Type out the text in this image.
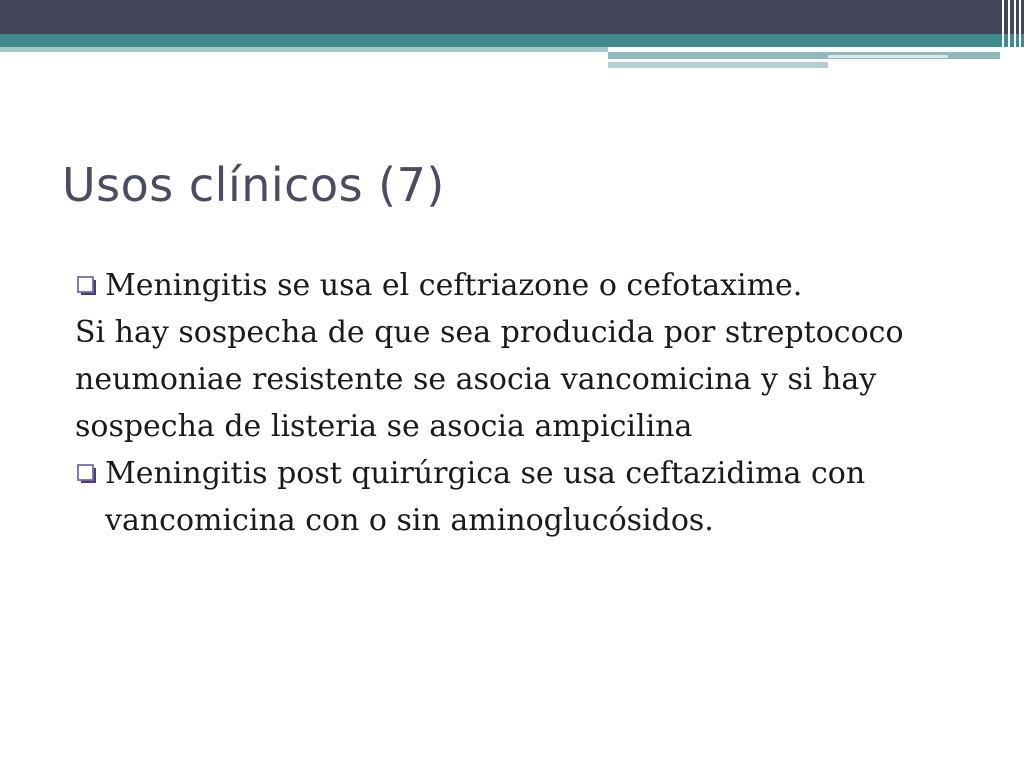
Usos clínicos (7)
Meningitis se usa el ceftriazone o cefotaxime.
Si hay sospecha de que sea producida por streptococo neumoniae resistente se asocia vancomicina y si hay sospecha de listeria se asocia ampicilina
Meningitis post quirúrgica se usa ceftazidima con vancomicina con o sin aminoglucósidos.
